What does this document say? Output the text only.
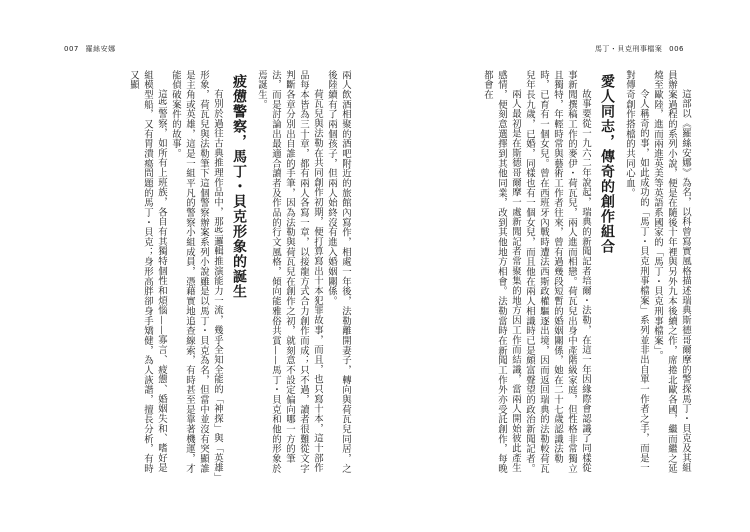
007 羅絲安娜	馬丁・貝克刑事檔案 006

這部以《羅絲安娜》為名，以科曾寫實風格描述瑞典斯德哥爾摩的警探馬丁・貝克及其組員辦案過程的系列小說，便是在隨後十年裡與另外九本後續之作，席捲北歐各國，繼而繼之延燒至歐陸，進而兩進英美等英語系國家的「馬丁・貝克刑事檔案」。

令人稱奇的事，如此成功的「馬丁・貝克刑事檔案」系列並非出自單一作者之手，而是一對傳奇創作搭檔的共同心血。

愛人同志，傳奇的創作組合

故事要從一九六二年說起，瑞典的新聞記者培爾・法勒，在這一年因緣際會認識了同樣從事新聞撰稿工作的麥伊・荷瓦兒，兩人進而相戀。荷瓦兒出身中產階級家庭，但性格非常獨立且獨特，年輕時常與藝術工作者往來，曾有過幾段短暫的婚姻關係，她在二十七歲認識法勒時，已育有一個女兒。曾在西班牙內戰時遭法西斯政權驅逐出境，因而返回瑞典的法勒較荷瓦兒年長九歲，已婚，同樣也有一個女兒，而且他在兩人相識時已是頗富聲望的政治新聞記者。

兩人最初是在斯德哥爾摩一處新聞記者常聚集的地方因工作而結識，當兩人開始彼此產生感情，便刻意選擇到其他同業，改到其他地方相會。法勒當時在新聞工作外亦受託創作，每晚都會在

兩人飲酒相聚的酒吧附近的旅館內寫作，相處一年後，法勒離開妻子，轉向與荷瓦兒同居，之後陸續有了兩個孩子，但兩人始終沒有進入婚姻關係。

荷瓦兒與法勒在共同創作初期，便打算寫出十本犯罪故事，而且，也只寫十本，這十部作品每本皆為三十章，都有兩人各寫一章，以接龍方式合力創作而成；只不過，讀者很難從文字判斷各章分別出自誰的手筆，因為法勒與荷瓦兒在創作之初，就刻意不設定偏向哪一方的筆法，而是討論出最適合讀者及作品的行文風格，傾向能雅俗共賞——馬丁・貝克和他的形象於焉誕生。

疲憊警察，馬丁・貝克形象的誕生

有別於過往古典推理作品中，那些邏輯推演能力一流，幾乎全知全能的「神探」與「英雄」形象，荷瓦兒與法勒筆下這個警察辦案系列小說雖是以馬丁・貝克為名，但當中並沒有突顯誰是主角或英雄，這是一組平凡的警察小組成員，憑藉實地追查線索，有時甚至是靠著機運，才能偵破案件的故事。

這些警察，如所有上班族，各自有其獨特個性和煩惱——寡言、疲憊、婚姻失和、嗜好是組模型船，又有胃潰瘍問題的馬丁・貝克；身形高胖卻身手矯健，為人詼諧，擅長分析，有時又顯
